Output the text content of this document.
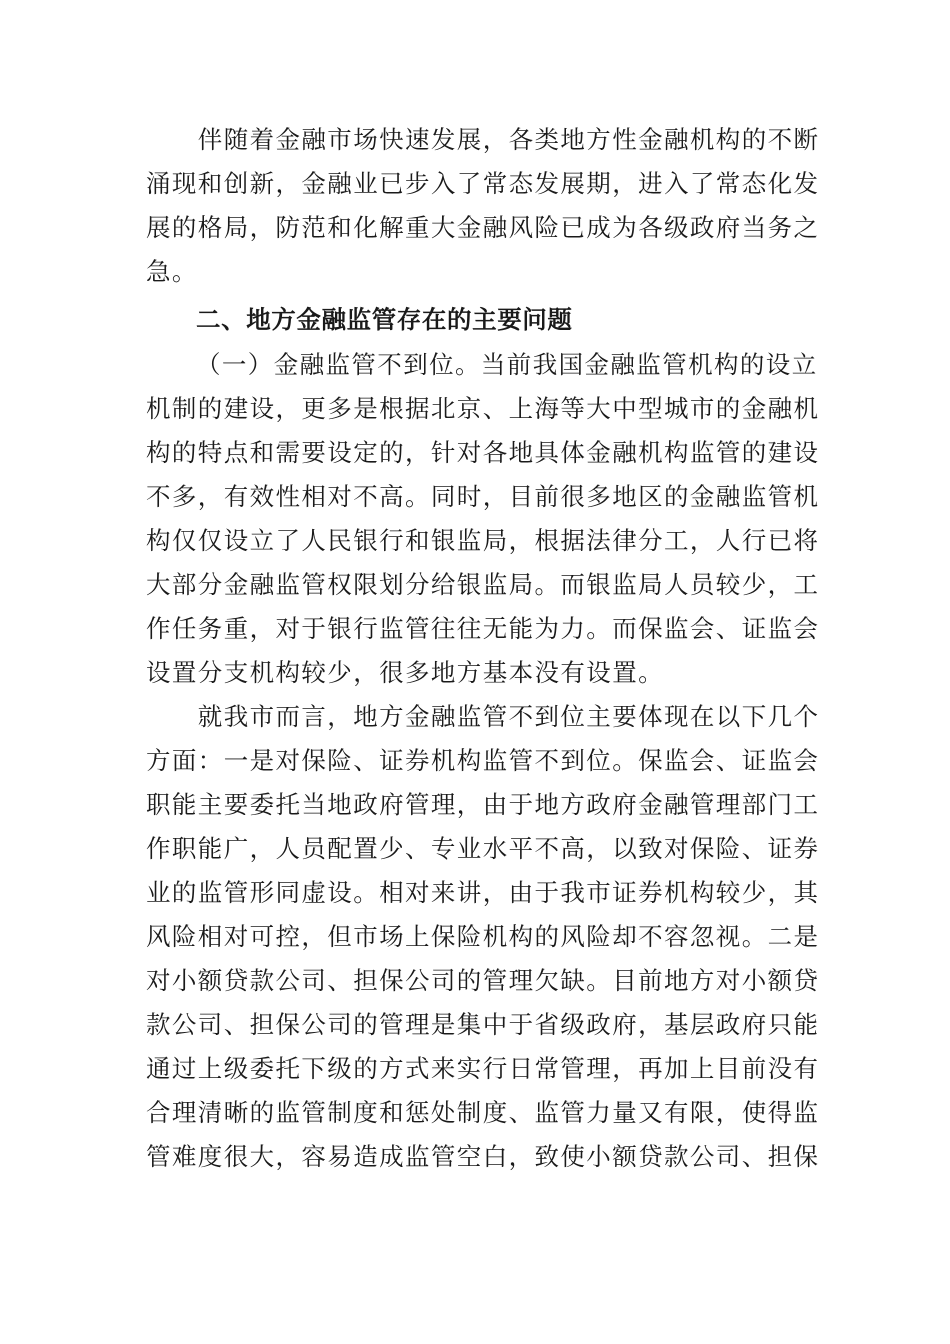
　　伴随着金融市场快速发展，各类地方性金融机构的不断
涌现和创新，金融业已步入了常态发展期，进入了常态化发
展的格局，防范和化解重大金融风险已成为各级政府当务之
急。
二、地方金融监管存在的主要问题
（一）金融监管不到位。当前我国金融监管机构的设立
机制的建设，更多是根据北京、上海等大中型城市的金融机
构的特点和需要设定的，针对各地具体金融机构监管的建设
不多，有效性相对不高。同时，目前很多地区的金融监管机
构仅仅设立了人民银行和银监局，根据法律分工，人行已将
大部分金融监管权限划分给银监局。而银监局人员较少，工
作任务重，对于银行监管往往无能为力。而保监会、证监会
设置分支机构较少，很多地方基本没有设置。
　　就我市而言，地方金融监管不到位主要体现在以下几个
方面：一是对保险、证券机构监管不到位。保监会、证监会
职能主要委托当地政府管理，由于地方政府金融管理部门工
作职能广，人员配置少、专业水平不高，以致对保险、证券
业的监管形同虚设。相对来讲，由于我市证券机构较少，其
风险相对可控，但市场上保险机构的风险却不容忽视。二是
对小额贷款公司、担保公司的管理欠缺。目前地方对小额贷
款公司、担保公司的管理是集中于省级政府，基层政府只能
通过上级委托下级的方式来实行日常管理，再加上目前没有
合理清晰的监管制度和惩处制度、监管力量又有限，使得监
管难度很大，容易造成监管空白，致使小额贷款公司、担保
